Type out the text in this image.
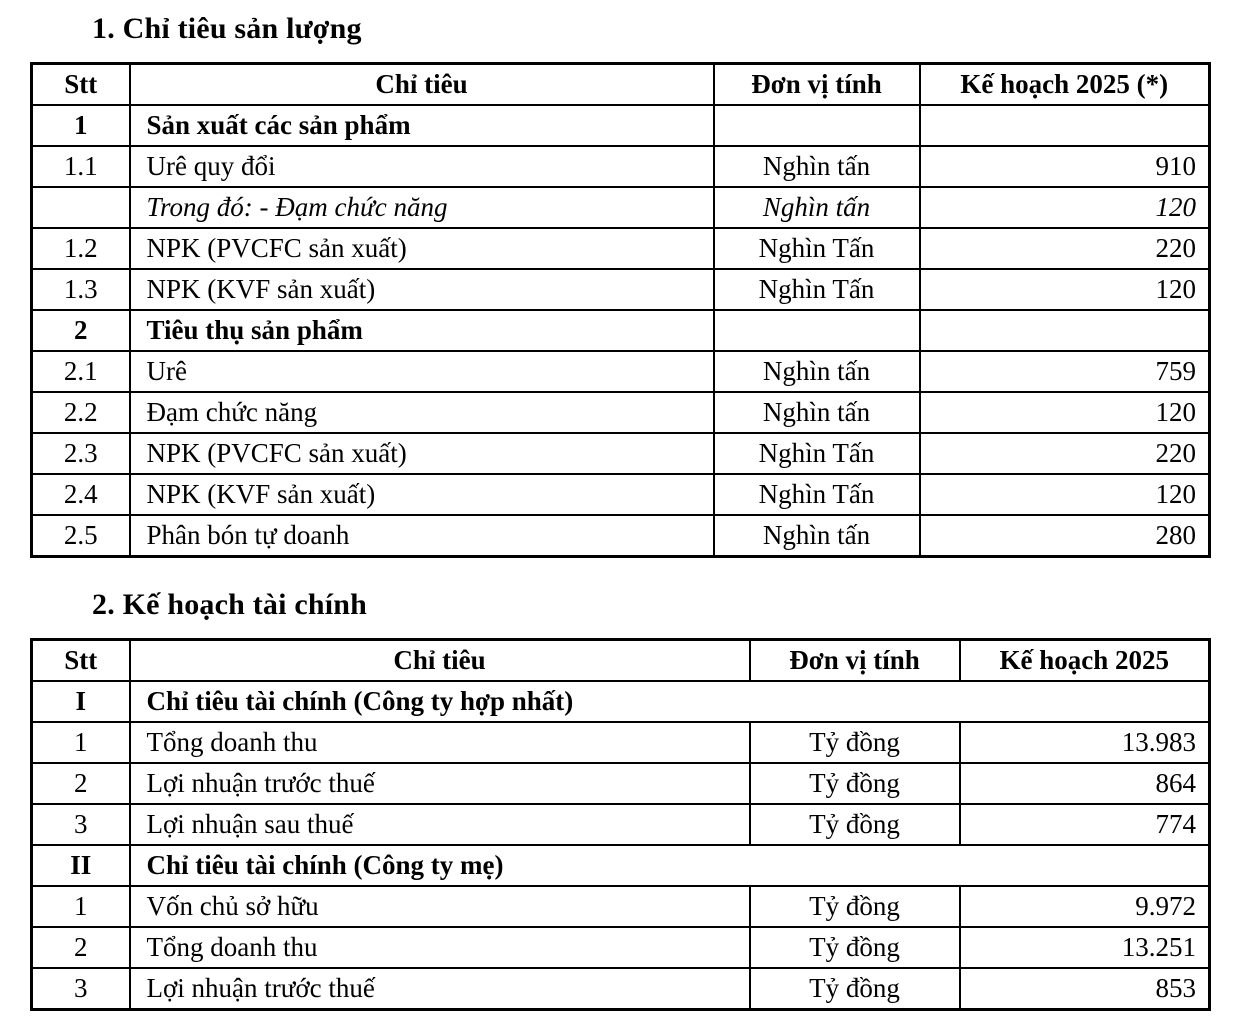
1. Chỉ tiêu sản lượng
Stt	Chỉ tiêu	Đơn vị tính	Kế hoạch 2025 (*)
1	Sản xuất các sản phẩm		
1.1	Urê quy đổi	Nghìn tấn	910
	Trong đó: - Đạm chức năng	Nghìn tấn	120
1.2	NPK (PVCFC sản xuất)	Nghìn Tấn	220
1.3	NPK (KVF sản xuất)	Nghìn Tấn	120
2	Tiêu thụ sản phẩm		
2.1	Urê	Nghìn tấn	759
2.2	Đạm chức năng	Nghìn tấn	120
2.3	NPK (PVCFC sản xuất)	Nghìn Tấn	220
2.4	NPK (KVF sản xuất)	Nghìn Tấn	120
2.5	Phân bón tự doanh	Nghìn tấn	280
2. Kế hoạch tài chính
Stt	Chỉ tiêu	Đơn vị tính	Kế hoạch 2025
I	Chỉ tiêu tài chính (Công ty hợp nhất)		
1	Tổng doanh thu	Tỷ đồng	13.983
2	Lợi nhuận trước thuế	Tỷ đồng	864
3	Lợi nhuận sau thuế	Tỷ đồng	774
II	Chỉ tiêu tài chính (Công ty mẹ)		
1	Vốn chủ sở hữu	Tỷ đồng	9.972
2	Tổng doanh thu	Tỷ đồng	13.251
3	Lợi nhuận trước thuế	Tỷ đồng	853
